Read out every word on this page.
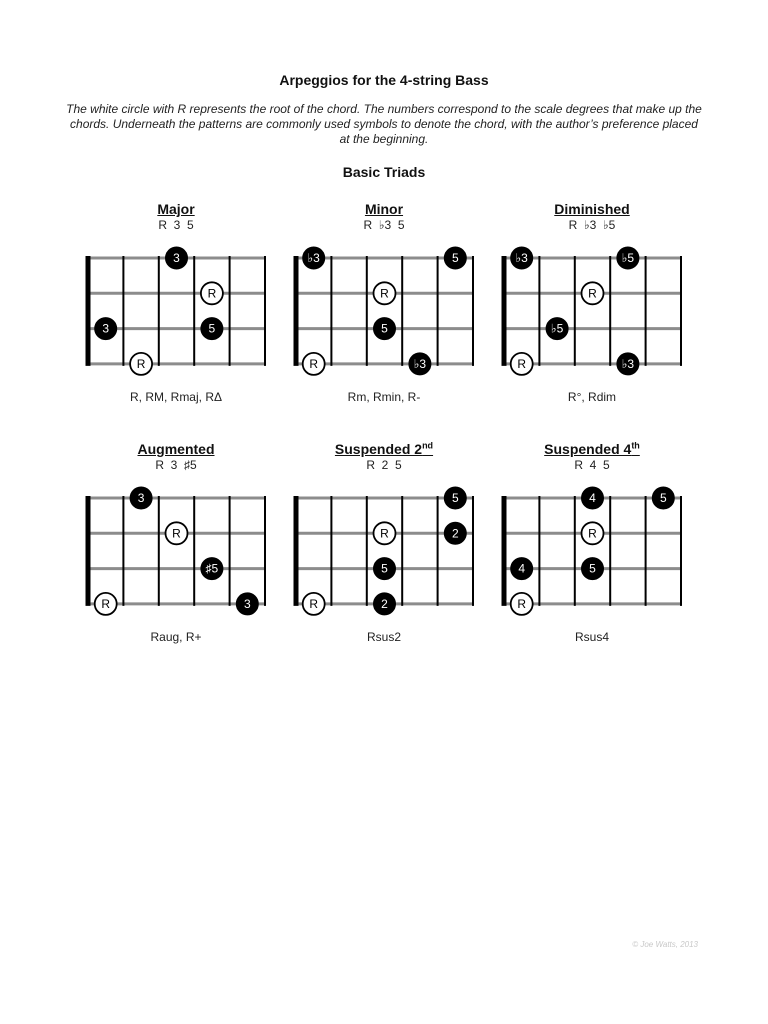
Arpeggios for the 4-string Bass
The white circle with R represents the root of the chord. The numbers correspond to the scale degrees that make up the chords. Underneath the patterns are commonly used symbols to denote the chord, with the author’s preference placed at the beginning.
Basic Triads
Major
R  3  5
3
R
3	5
R
R, RM, Rmaj, RΔ
Minor
R  ♭3  5
♭3	5
R
5
R	♭3
Rm, Rmin, R-
Diminished
R  ♭3  ♭5
♭3	♭5
R
♭5
R	♭3
R°, Rdim
Augmented
R  3  ♯5
3
R
♯5
R	3
Raug, R+
Suspended 2nd
R  2  5
5
R	2
5
R	2
Rsus2
Suspended 4th
R  4  5
4	5
R
4	5
R
Rsus4
© Joe Watts, 2013
